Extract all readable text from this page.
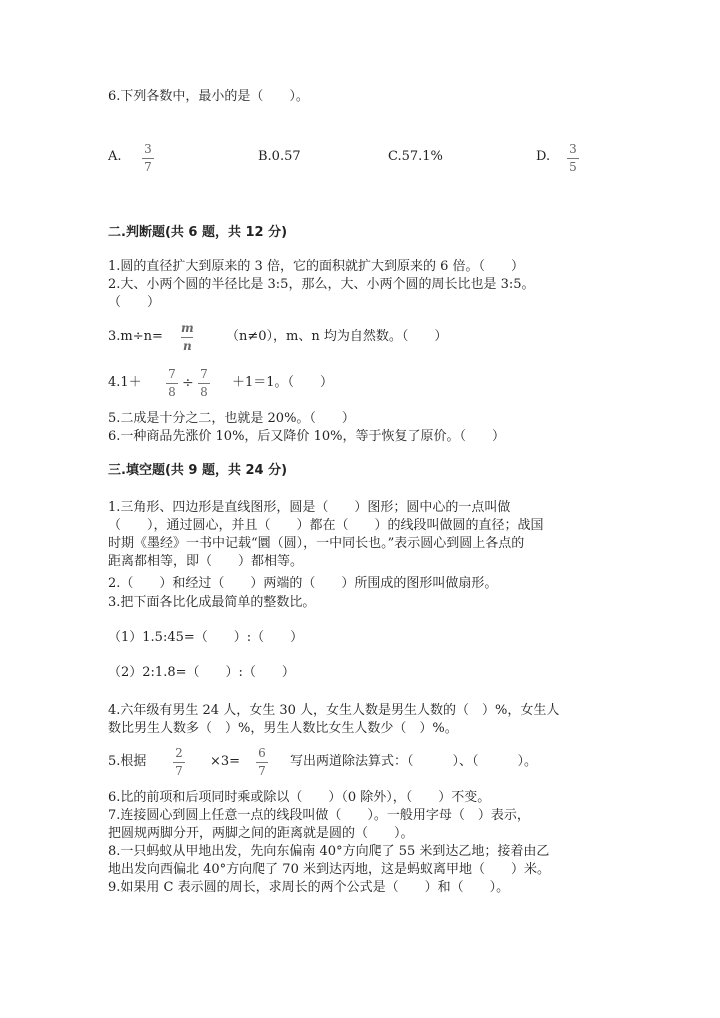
6.下列各数中，最小的是（　　）。
A. 3
7
B.0.57	C.57.1%	D. 3
5
二.判断题(共 6 题，共 12 分)
1.圆的直径扩大到原来的 3 倍，它的面积就扩大到原来的 6 倍。（　　）
2.大、小两个圆的半径比是 3:5，那么，大、小两个圆的周长比也是 3:5。
（　　）
3.m÷n=
m
n
（n≠0），m、n 均为自然数。（　　）
4.1＋
7
8
÷
7
8
＋1＝1。（　　）
5.二成是十分之二，也就是 20%。（　　）
6.一种商品先涨价 10%，后又降价 10%，等于恢复了原价。（　　）
三.填空题(共 9 题，共 24 分)
1.三角形、四边形是直线图形，圆是（　　）图形；圆中心的一点叫做
（　　），通过圆心，并且（　　）都在（　　）的线段叫做圆的直径；战国
时期《墨经》一书中记载“圜（圆），一中同长也。”表示圆心到圆上各点的
距离都相等，即（　　）都相等。
2.（　　）和经过（　　）两端的（　　）所围成的图形叫做扇形。
3.把下面各比化成最简单的整数比。
（1）1.5:45=（　　）:（　　）
（2）2:1.8=（　　）:（　　）
4.六年级有男生 24 人，女生 30 人，女生人数是男生人数的（　）%，女生人
数比男生人数多（　）%，男生人数比女生人数少（　）%。
5.根据
2
7
×3=
6
7
写出两道除法算式：（　　　）、（　　　）。
6.比的前项和后项同时乘或除以（　　）（0 除外），（　　）不变。
7.连接圆心到圆上任意一点的线段叫做（　　）。一般用字母（　）表示，
把圆规两脚分开，两脚之间的距离就是圆的（　　）。
8.一只蚂蚁从甲地出发，先向东偏南 40°方向爬了 55 米到达乙地；接着由乙
地出发向西偏北 40°方向爬了 70 米到达丙地，这是蚂蚁离甲地（　　）米。
9.如果用 C 表示圆的周长，求周长的两个公式是（　　）和（　　）。
